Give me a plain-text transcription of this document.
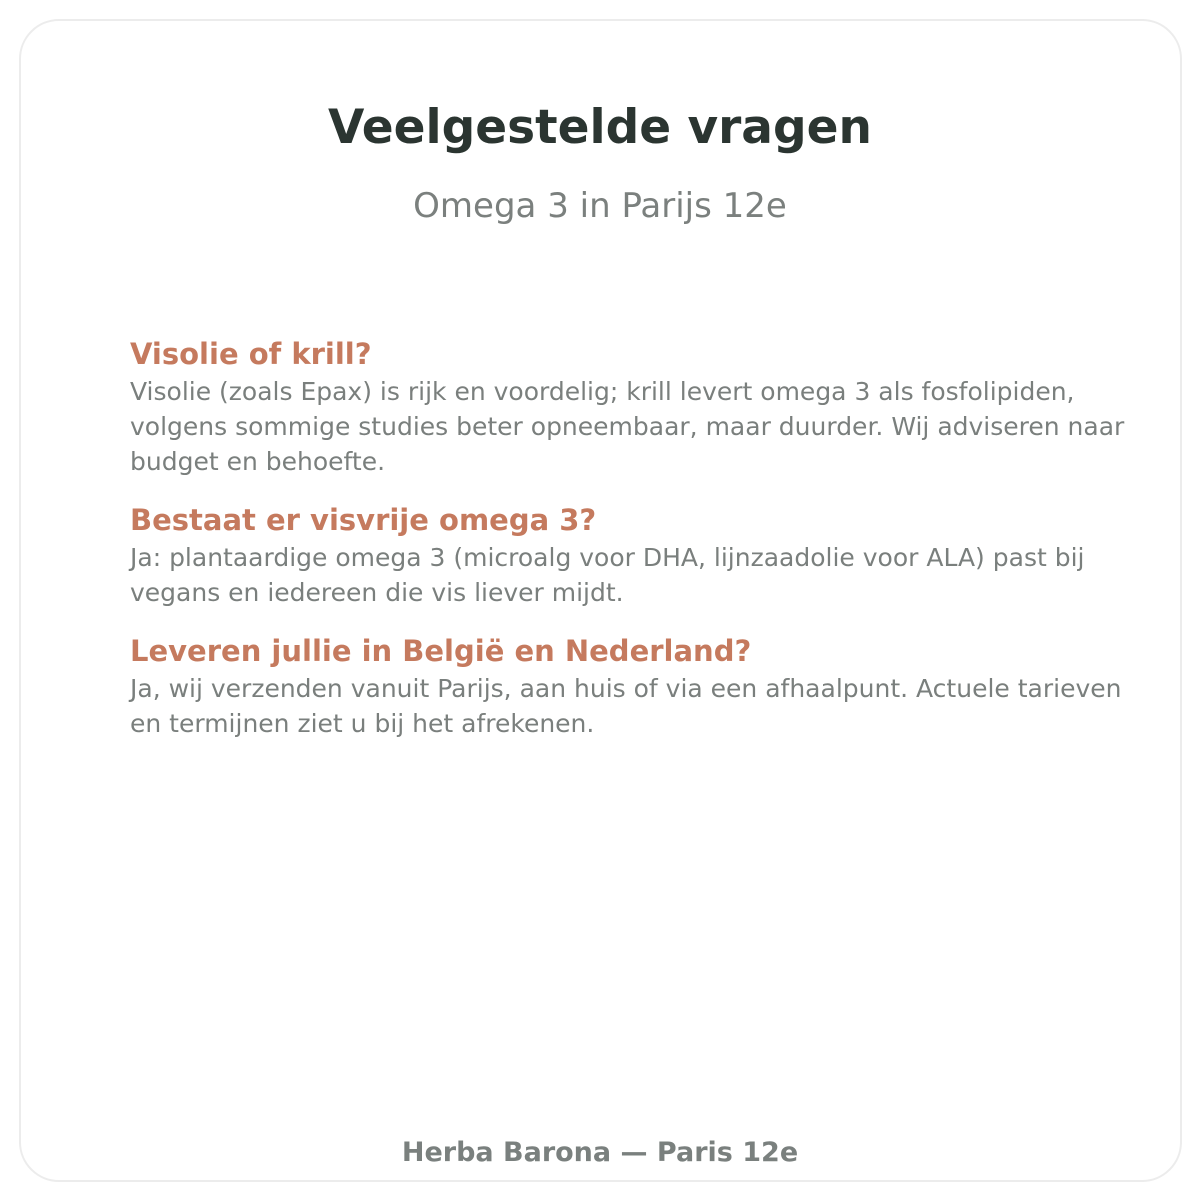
Veelgestelde vragen

Omega 3 in Parijs 12e

Visolie of krill?

Visolie (zoals Epax) is rijk en voordelig; krill levert omega 3 als fosfolipiden, volgens sommige studies beter opneembaar, maar duurder. Wij adviseren naar budget en behoefte.

Bestaat er visvrije omega 3?

Ja: plantaardige omega 3 (microalg voor DHA, lijnzaadolie voor ALA) past bij vegans en iedereen die vis liever mijdt.

Leveren jullie in België en Nederland?

Ja, wij verzenden vanuit Parijs, aan huis of via een afhaalpunt. Actuele tarieven en termijnen ziet u bij het afrekenen.

Herba Barona — Paris 12e
